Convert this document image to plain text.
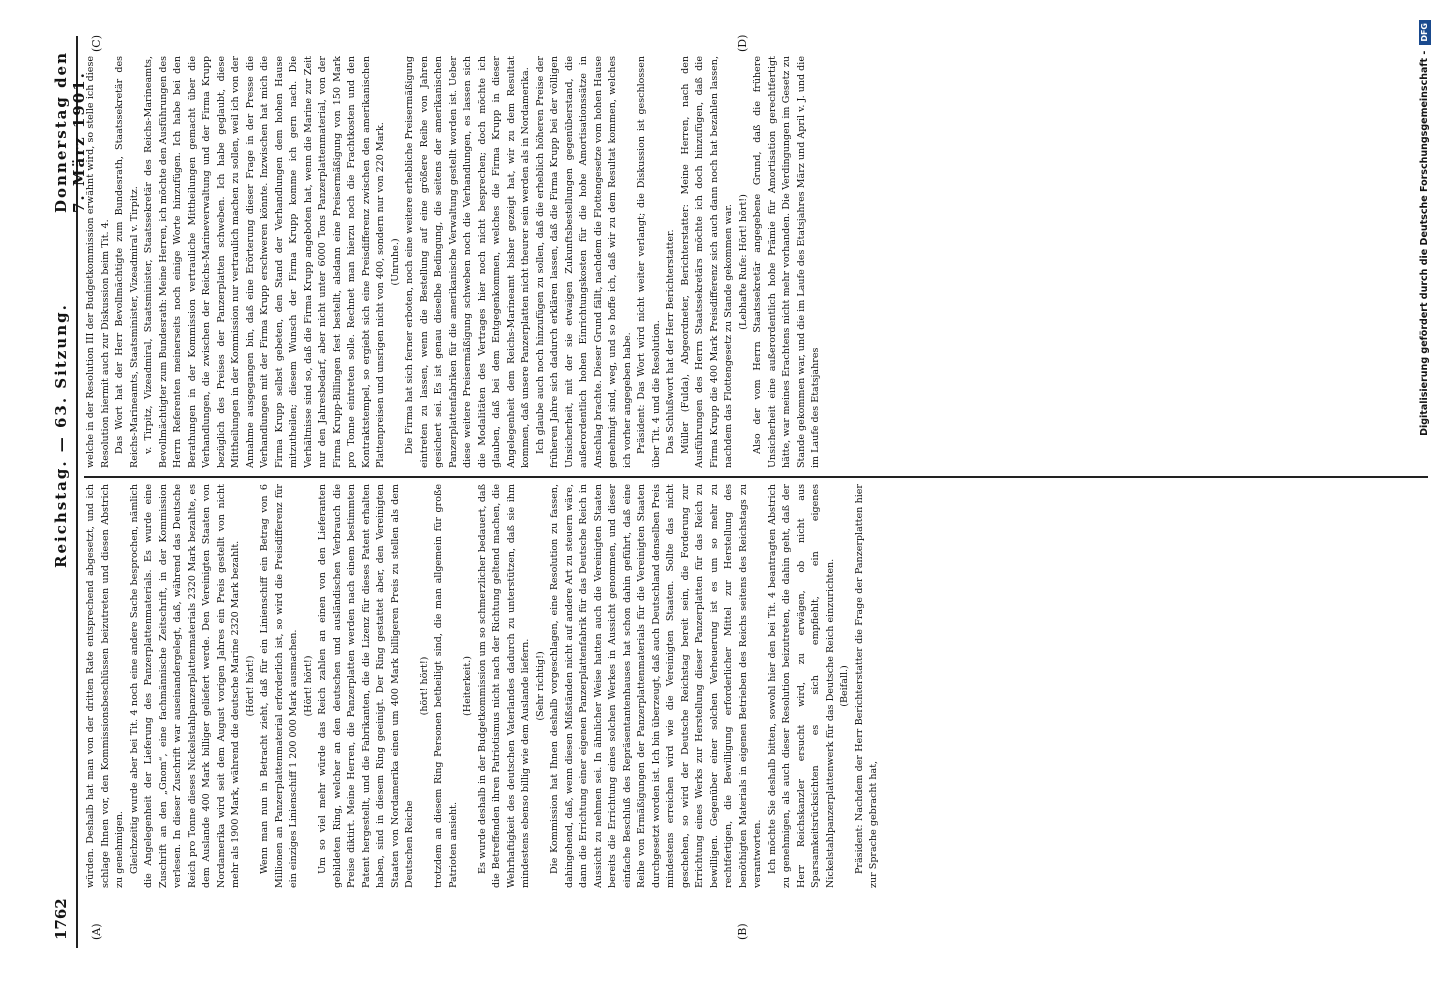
1762
Reichstag. — 63. Sitzung.
Donnerstag den 7. März 1901.
(A)	(B)
(C)	(D)

würden. Deshalb hat man von der dritten Rate entsprechend abgesetzt, und ich schlage Ihnen vor, den Kommissionsbeschlüssen beizutreten und diesen Abstrich zu genehmigen. Gleichzeitig wurde aber bei Tit. 4 noch eine andere Sache besprochen, nämlich die Angelegenheit der Lieferung des Panzerplattenmaterials. Es wurde eine Zuschrift an den „Gnom“, eine fachmännische Zeitschrift, in der Kommission verlesen. In dieser Zuschrift war auseinandergelegt, daß, während das Deutsche Reich pro Tonne dieses Nickelstahlpanzerplattenmaterials 2320 Mark bezahlte, es dem Auslande 400 Mark billiger geliefert werde. Den Vereinigten Staaten von Nordamerika wird seit dem August vorigen Jahres ein Preis gestellt von nicht mehr als 1900 Mark, während die deutsche Marine 2320 Mark bezahlt. (Hört! hört!) Wenn man nun in Betracht zieht, daß für ein Linienschiff ein Betrag von 6 Millionen an Panzerplattenmaterial erforderlich ist, so wird die Preisdifferenz für ein einziges Linienschiff 1 200 000 Mark ausmachen. (Hört! hört!) Um so viel mehr würde das Reich zahlen an einen von den Lieferanten gebildeten Ring, welcher an den deutschen und ausländischen Verbrauch die Preise diktirt. Meine Herren, die Panzerplatten werden nach einem bestimmten Patent hergestellt, und die Fabrikanten, die die Lizenz für dieses Patent erhalten haben, sind in diesem Ring geeinigt. Der Ring gestattet aber, den Vereinigten Staaten von Nordamerika einen um 400 Mark billigeren Preis zu stellen als dem Deutschen Reiche

(hört! hört!) trotzdem an diesem Ring Personen betheiligt sind, die man allgemein für große Patrioten ansieht.

(Heiterkeit.) Es wurde deshalb in der Budgetkommission um so schmerzlicher bedauert, daß die Betreffenden ihren Patriotismus nicht nach der Richtung geltend machen, die Wehrhaftigkeit des deutschen Vaterlandes dadurch zu unterstützen, daß sie ihm mindestens ebenso billig wie dem Auslande liefern. (Sehr richtig!) Die Kommission hat Ihnen deshalb vorgeschlagen, eine Resolution zu fassen, dahingehend, daß, wenn diesen Mißständen nicht auf andere Art zu steuern wäre, dann die Errichtung einer eigenen Panzerplattenfabrik für das Deutsche Reich in Aussicht zu nehmen sei. In ähnlicher Weise hatten auch die Vereinigten Staaten bereits die Errichtung eines solchen Werkes in Aussicht genommen, und dieser einfache Beschluß des Repräsentantenhauses hat schon dahin geführt, daß eine Reihe von Ermäßigungen der Panzerplattenmaterials für die Vereinigten Staaten durchgesetzt worden ist. Ich bin überzeugt, daß auch Deutschland denselben Preis mindestens erreichen wird wie die Vereinigten Staaten. Sollte das nicht geschehen, so wird der Deutsche Reichstag bereit sein, die Forderung zur Errichtung eines Werks zur Herstellung dieser Panzerplatten für das Reich zu bewilligen. Gegenüber einer solchen Verheuerung ist es um so mehr zu rechtfertigen, die Bewilligung erforderlicher Mittel zur Herstellung des benöthigten Materials in eigenen Betrieben des Reichs seitens des Reichstags zu verantworten. Ich möchte Sie deshalb bitten, sowohl hier den bei Tit. 4 beantragten Abstrich zu genehmigen, als auch dieser Resolution beizutreten, die dahin geht, daß der Herr Reichskanzler ersucht wird, zu erwägen, ob nicht aus Sparsamkeitsrücksichten es sich empfiehlt, ein eigenes Nickelstahlpanzerplattenwerk für das Deutsche Reich einzurichten. (Beifall.) Präsident: Nachdem der Herr Berichterstatter die Frage der Panzerplatten hier zur Sprache gebracht hat,

welche in der Resolution III der Budgetkommission erwähnt wird, so stelle ich diese Resolution hiermit auch zur Diskussion beim Tit. 4. Das Wort hat der Herr Bevollmächtigte zum Bundesrath, Staatssekretär des Reichs-Marineamts, Staatsminister, Vizeadmiral v. Tirpitz. v. Tirpitz, Vizeadmiral, Staatsminister, Staatssekretär des Reichs-Marineamts, Bevollmächtigter zum Bundesrath: Meine Herren, ich möchte den Ausführungen des Herrn Referenten meinerseits noch einige Worte hinzufügen. Ich habe bei den Berathungen in der Kommission vertrauliche Mittheilungen gemacht über die Verhandlungen, die zwischen der Reichs-Marineverwaltung und der Firma Krupp bezüglich des Preises der Panzerplatten schweben. Ich habe geglaubt, diese Mittheilungen in der Kommission nur vertraulich machen zu sollen, weil ich von der Annahme ausgegangen bin, daß eine Erörterung dieser Frage in der Presse die Verhandlungen mit der Firma Krupp erschweren könnte. Inzwischen hat mich die Firma Krupp selbst gebeten, den Stand der Verhandlungen dem hohen Hause mitzutheilen; diesem Wunsch der Firma Krupp komme ich gern nach. Die Verhältnisse sind so, daß die Firma Krupp angeboten hat, wenn die Marine zur Zeit nur den Jahresbedarf, aber nicht unter 6000 Tons Panzerplattenmaterial, von der Firma Krupp-Billingen fest bestellt, alsdann eine Preisermäßigung von 150 Mark pro Tonne eintreten solle. Rechnet man hierzu noch die Frachtkosten und den Kontraktstempel, so ergiebt sich eine Preisdifferenz zwischen den amerikanischen Plattenpreisen und unsrigen nicht von 400, sondern nur von 220 Mark. (Unruhe.) Die Firma hat sich ferner erboten, noch eine weitere erhebliche Preisermäßigung eintreten zu lassen, wenn die Bestellung auf eine größere Reihe von Jahren gesichert sei. Es ist genau dieselbe Bedingung, die seitens der amerikanischen Panzerplattenfabriken für die amerikanische Verwaltung gestellt worden ist. Ueber diese weitere Preisermäßigung schweben noch die Verhandlungen, es lassen sich die Modalitäten des Vertrages hier noch nicht besprechen; doch möchte ich glauben, daß bei dem Entgegenkommen, welches die Firma Krupp in dieser Angelegenheit dem Reichs-Marineamt bisher gezeigt hat, wir zu dem Resultat kommen, daß unsere Panzerplatten nicht theurer sein werden als in Nordamerika. Ich glaube auch noch hinzufügen zu sollen, daß die erheblich höheren Preise der früheren Jahre sich dadurch erklären lassen, daß die Firma Krupp bei der völligen Unsicherheit, mit der sie etwaigen Zukunftsbestellungen gegenüberstand, die außerordentlich hohen Einrichtungskosten für die hohe Amortisationssätze in Anschlag brachte. Dieser Grund fällt, nachdem die Flottengesetze vom hohen Hause genehmigt sind, weg, und so hoffe ich, daß wir zu dem Resultat kommen, welches ich vorher angegeben habe. Präsident: Das Wort wird nicht weiter verlangt; die Diskussion ist geschlossen über Tit. 4 und die Resolution. Das Schlußwort hat der Herr Berichterstatter. Müller (Fulda), Abgeordneter, Berichterstatter: Meine Herren, nach den Ausführungen des Herrn Staatssekretärs möchte ich doch hinzufügen, daß die Firma Krupp die 400 Mark Preisdifferenz sich auch dann noch hat bezahlen lassen, nachdem das Flottengesetz zu Stande gekommen war. (Lebhafte Rufe: Hört! hört!) Also der vom Herrn Staatssekretär angegebene Grund, daß die frühere Unsicherheit eine außerordentlich hohe Prämie für Amortisation gerechtfertigt hätte, war meines Erachtens nicht mehr vorhanden. Die Verdingungen im Gesetz zu Stande gekommen war, und die im Laufe des Etatsjahres März und April v. J. und die im Laufe des Etatsjahres	Digitalisierung gefördert durch die Deutsche Forschungsgemeinschaft -
DFG
